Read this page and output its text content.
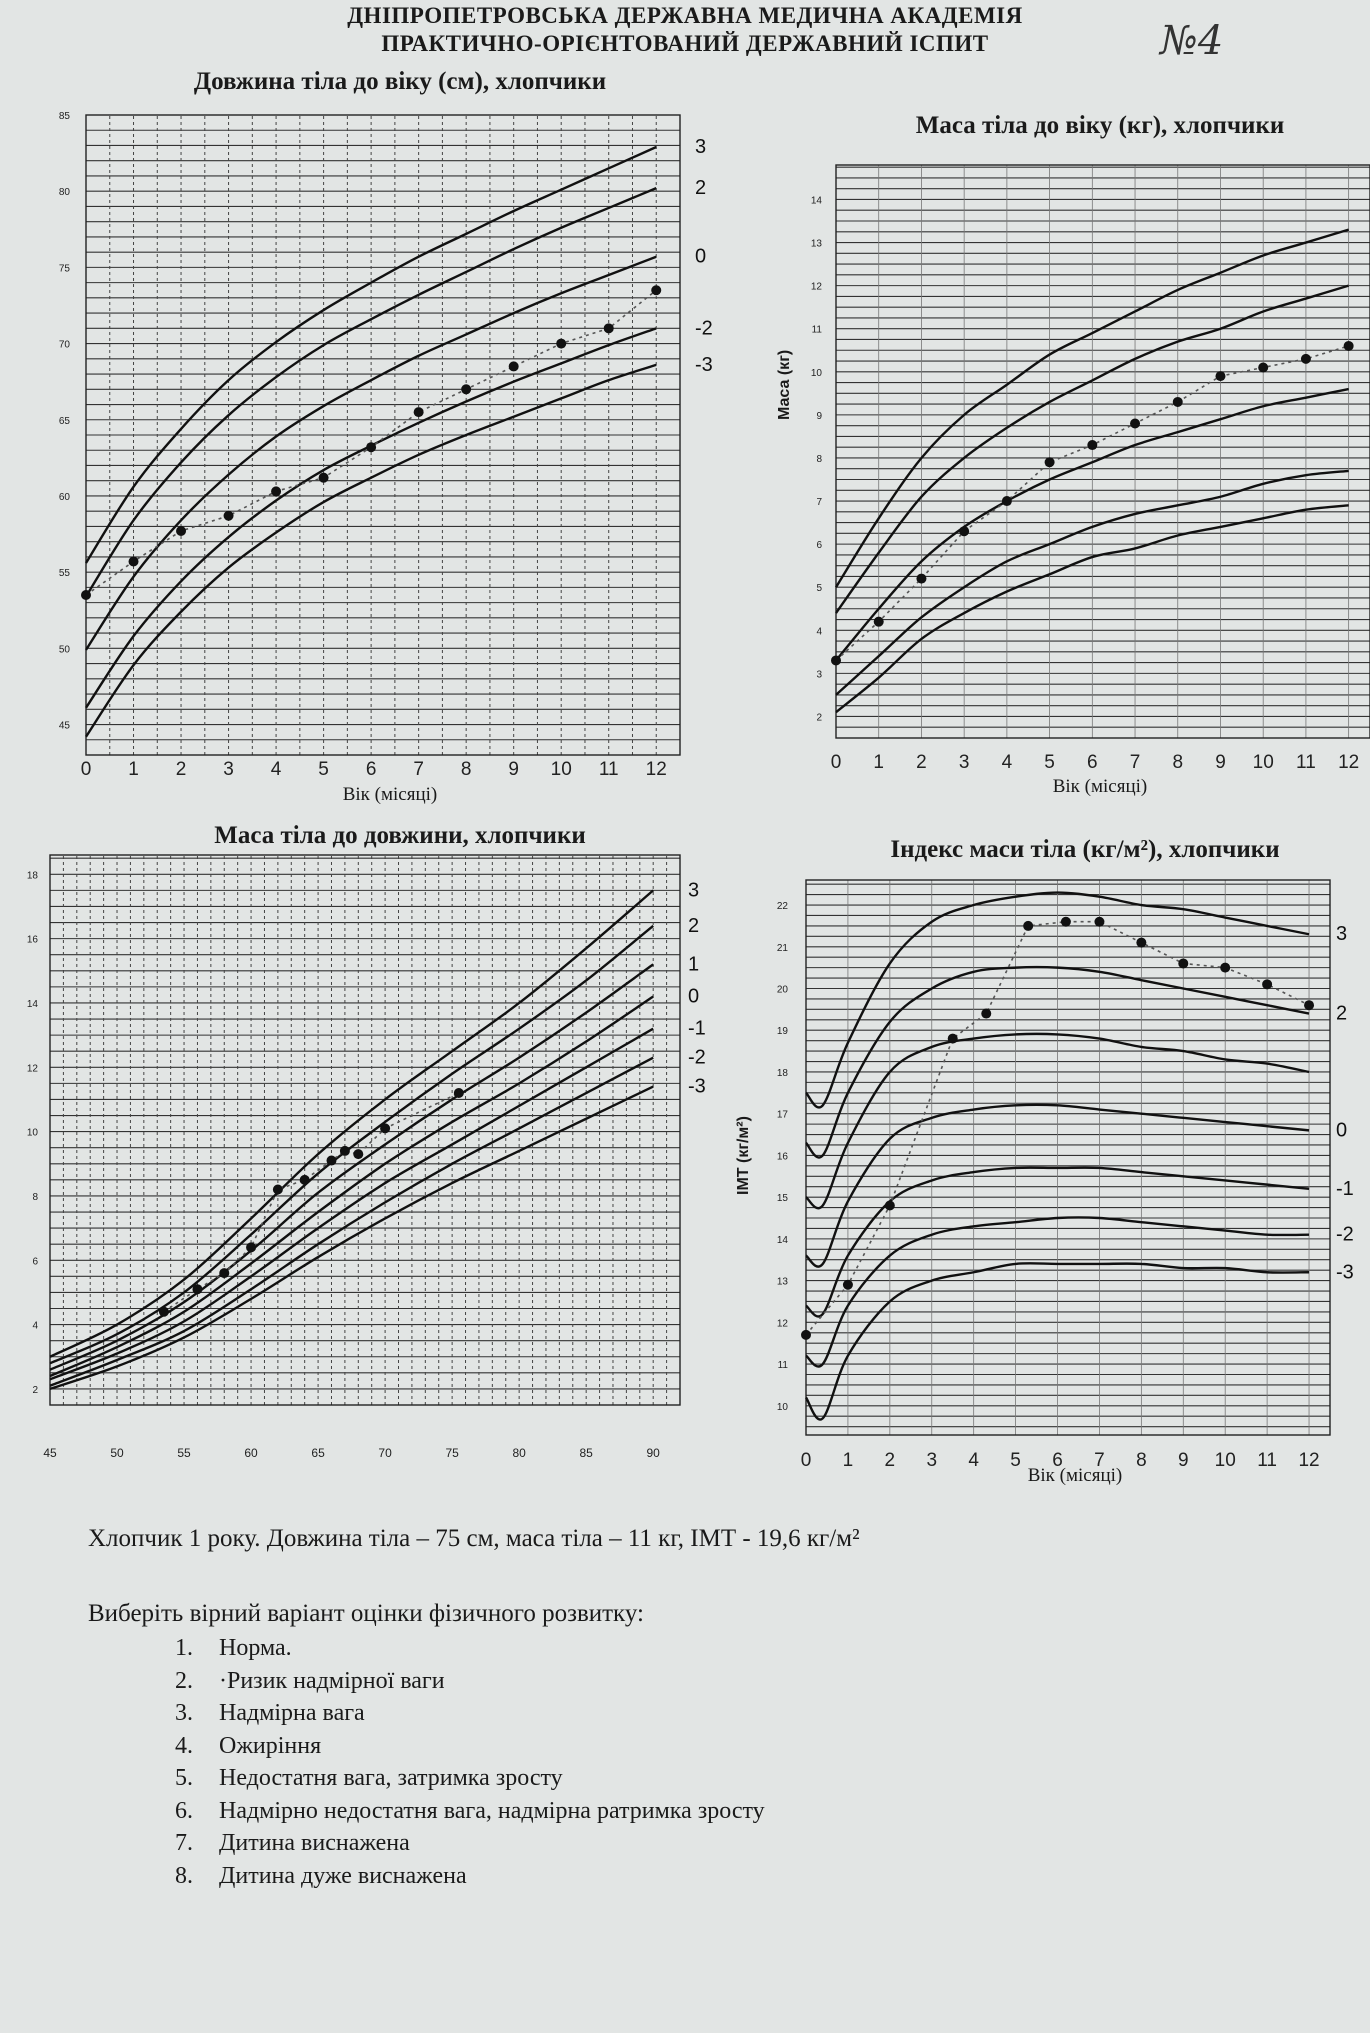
ДНІПРОПЕТРОВСЬКА ДЕРЖАВНА МЕДИЧНА АКАДЕМІЯ
ПРАКТИЧНО-ОРІЄНТОВАНИЙ ДЕРЖАВНИЙ ІСПИТ	№4
Довжина тіла до віку (см), хлопчики
0 1 2 3 4 5 6 7 8 9 10 11 12
45
50
55
60
65
70
75
80
85
3
2
0
-2
-3
Вік (місяці)
Маса тіла до віку (кг), хлопчики
0 1 2 3 4 5 6 7 8 9 10 11 12
2
3
4
5
6
7
8
9
10
11
12
13
14
Вік (місяці)
Маса (кг)
Маса тіла до довжини, хлопчики
45	50	55	60	65	70	75	80	85	90
2
4
6
8
10
12
14
16
18
3
2
1
0
-1
-2
-3
Індекс маси тіла (кг/м²), хлопчики
0 1 2 3 4 5 6 7 8 9 10 11 12
10
11
12
13
14
15
16
17
18
19
20
21
22
3
2
0
-1
-2
-3
Вік (місяці)
ІМТ (кг/м²)
Хлопчик 1 року. Довжина тіла – 75 см, маса тіла – 11 кг, ІМТ - 19,6 кг/м²
Виберіть вірний варіант оцінки фізичного розвитку:
1. Норма.
2. ·Ризик надмірної ваги
3. Надмірна вага
4. Ожиріння
5. Недостатня вага, затримка зросту
6. Надмірно недостатня вага, надмірна ратримка зросту
7. Дитина виснажена
8. Дитина дуже виснажена
